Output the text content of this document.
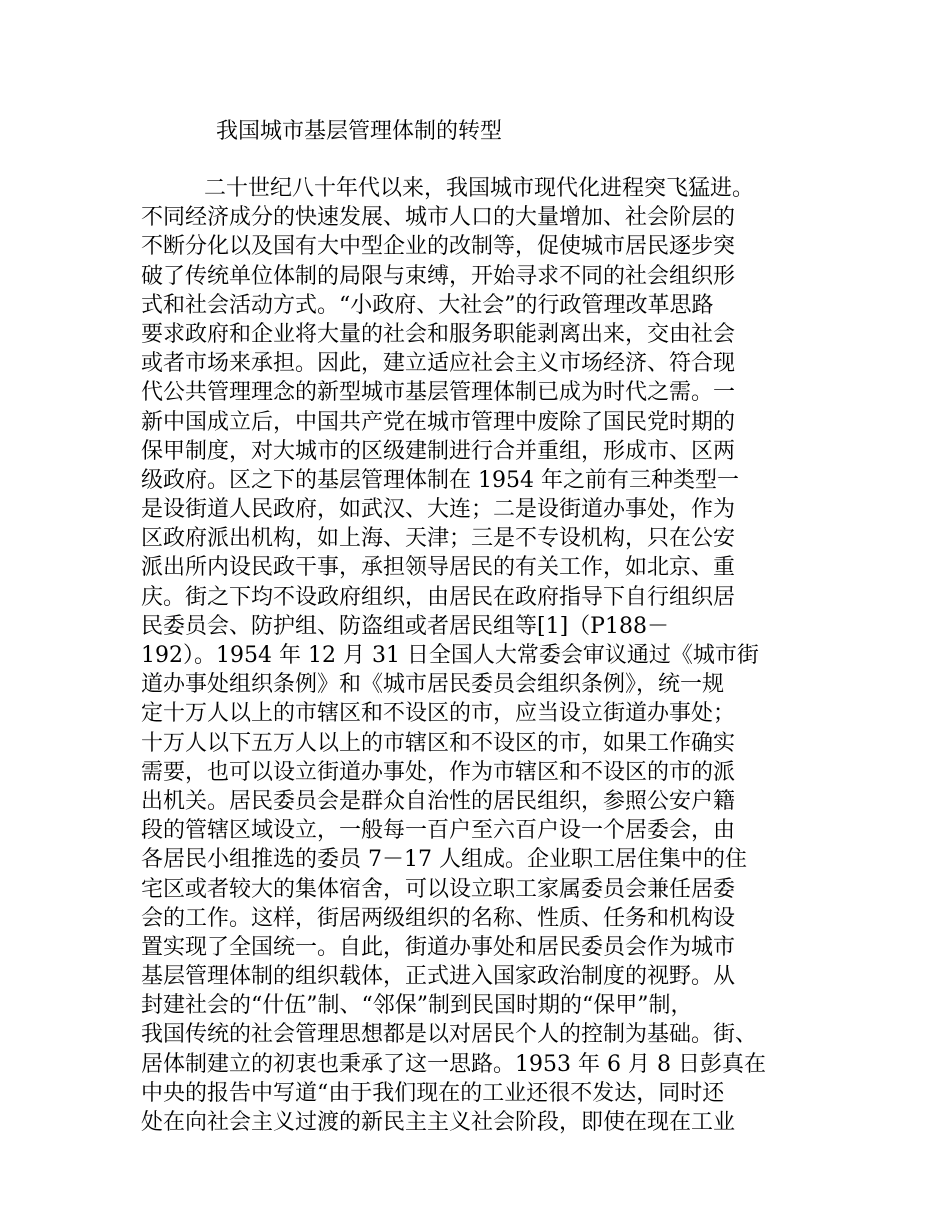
我国城市基层管理体制的转型
二十世纪八十年代以来，我国城市现代化进程突飞猛进。
不同经济成分的快速发展、城市人口的大量增加、社会阶层的
不断分化以及国有大中型企业的改制等，促使城市居民逐步突
破了传统单位体制的局限与束缚，开始寻求不同的社会组织形
式和社会活动方式。“小政府、大社会”的行政管理改革思路
要求政府和企业将大量的社会和服务职能剥离出来，交由社会
或者市场来承担。因此，建立适应社会主义市场经济、符合现
代公共管理理念的新型城市基层管理体制已成为时代之需。一
新中国成立后，中国共产党在城市管理中废除了国民党时期的
保甲制度，对大城市的区级建制进行合并重组，形成市、区两
级政府。区之下的基层管理体制在 1954 年之前有三种类型一
是设街道人民政府，如武汉、大连；二是设街道办事处，作为
区政府派出机构，如上海、天津；三是不专设机构，只在公安
派出所内设民政干事，承担领导居民的有关工作，如北京、重
庆。街之下均不设政府组织，由居民在政府指导下自行组织居
民委员会、防护组、防盗组或者居民组等[1]（P188－
192）。1954 年 12 月 31 日全国人大常委会审议通过《城市街
道办事处组织条例》和《城市居民委员会组织条例》，统一规
定十万人以上的市辖区和不设区的市，应当设立街道办事处；
十万人以下五万人以上的市辖区和不设区的市，如果工作确实
需要，也可以设立街道办事处，作为市辖区和不设区的市的派
出机关。居民委员会是群众自治性的居民组织，参照公安户籍
段的管辖区域设立，一般每一百户至六百户设一个居委会，由
各居民小组推选的委员 7－17 人组成。企业职工居住集中的住
宅区或者较大的集体宿舍，可以设立职工家属委员会兼任居委
会的工作。这样，街居两级组织的名称、性质、任务和机构设
置实现了全国统一。自此，街道办事处和居民委员会作为城市
基层管理体制的组织载体，正式进入国家政治制度的视野。从
封建社会的“什伍”制、“邻保”制到民国时期的“保甲”制，
我国传统的社会管理思想都是以对居民个人的控制为基础。街、
居体制建立的初衷也秉承了这一思路。1953 年 6 月 8 日彭真在
中央的报告中写道“由于我们现在的工业还很不发达，同时还
处在向社会主义过渡的新民主主义社会阶段，即使在现在工业
